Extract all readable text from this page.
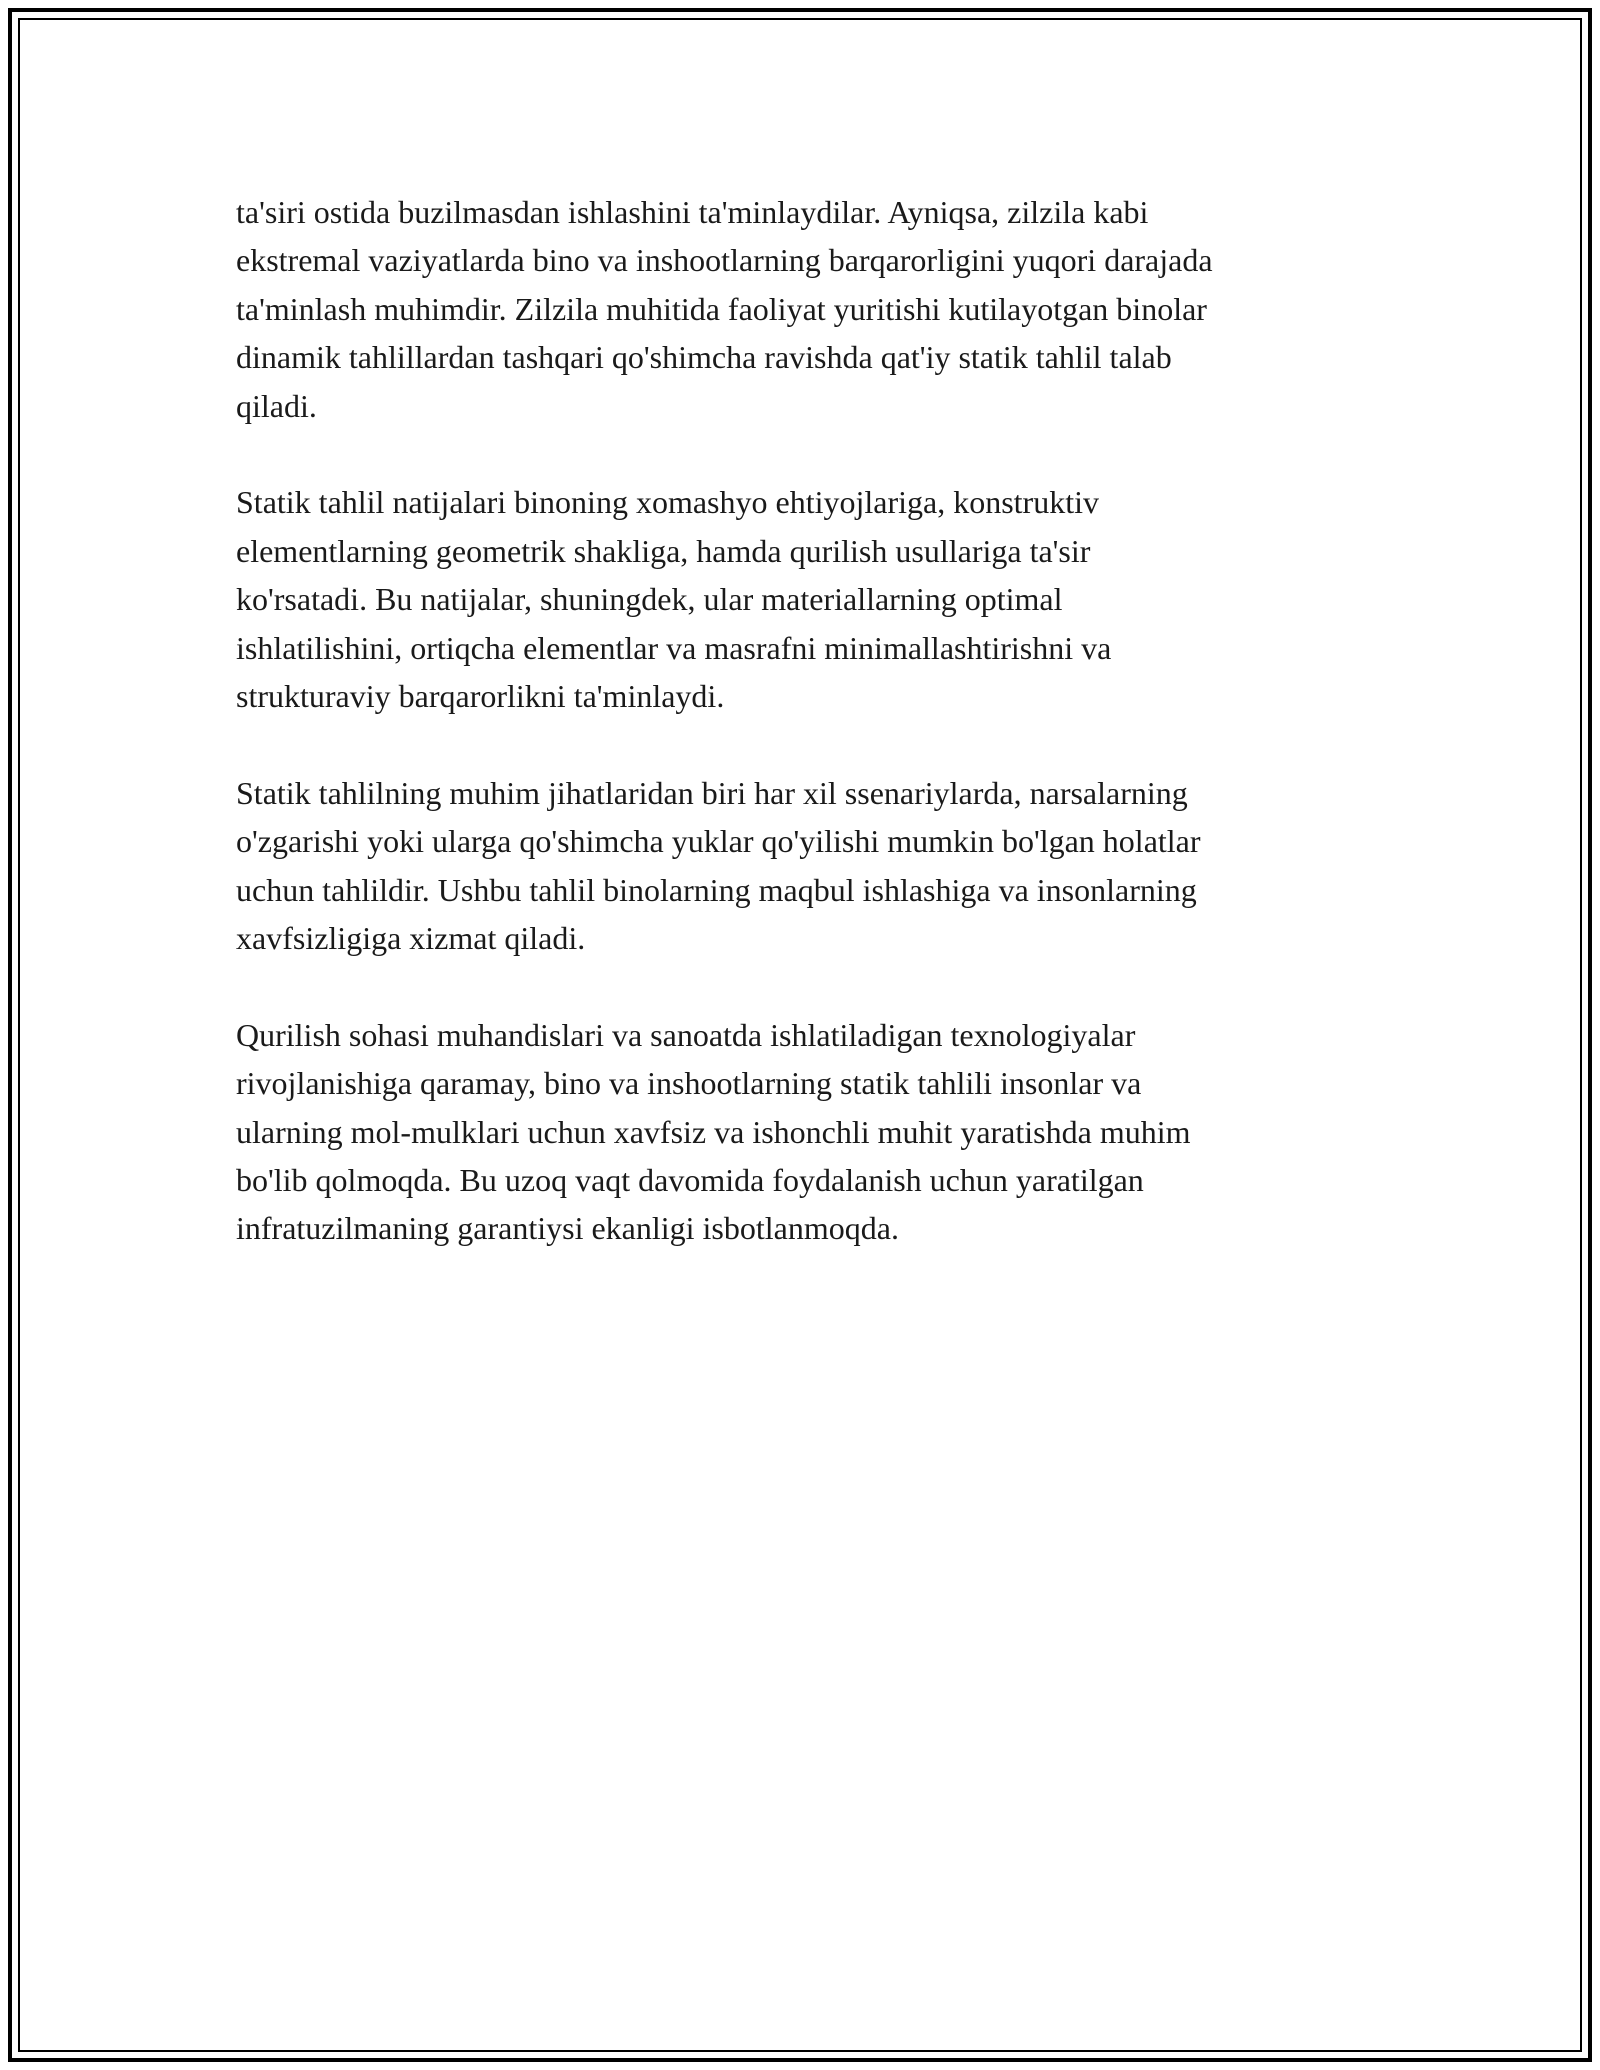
ta'siri ostida buzilmasdan ishlashini ta'minlaydilar. Ayniqsa, zilzila kabi
ekstremal vaziyatlarda bino va inshootlarning barqarorligini yuqori darajada
ta'minlash muhimdir. Zilzila muhitida faoliyat yuritishi kutilayotgan binolar
dinamik tahlillardan tashqari qo'shimcha ravishda qat'iy statik tahlil talab
qiladi.

Statik tahlil natijalari binoning xomashyo ehtiyojlariga, konstruktiv
elementlarning geometrik shakliga, hamda qurilish usullariga ta'sir
ko'rsatadi. Bu natijalar, shuningdek, ular materiallarning optimal
ishlatilishini, ortiqcha elementlar va masrafni minimallashtirishni va
strukturaviy barqarorlikni ta'minlaydi.

Statik tahlilning muhim jihatlaridan biri har xil ssenariylarda, narsalarning
o'zgarishi yoki ularga qo'shimcha yuklar qo'yilishi mumkin bo'lgan holatlar
uchun tahlildir. Ushbu tahlil binolarning maqbul ishlashiga va insonlarning
xavfsizligiga xizmat qiladi.

Qurilish sohasi muhandislari va sanoatda ishlatiladigan texnologiyalar
rivojlanishiga qaramay, bino va inshootlarning statik tahlili insonlar va
ularning mol-mulklari uchun xavfsiz va ishonchli muhit yaratishda muhim
bo'lib qolmoqda. Bu uzoq vaqt davomida foydalanish uchun yaratilgan
infratuzilmaning garantiysi ekanligi isbotlanmoqda.
